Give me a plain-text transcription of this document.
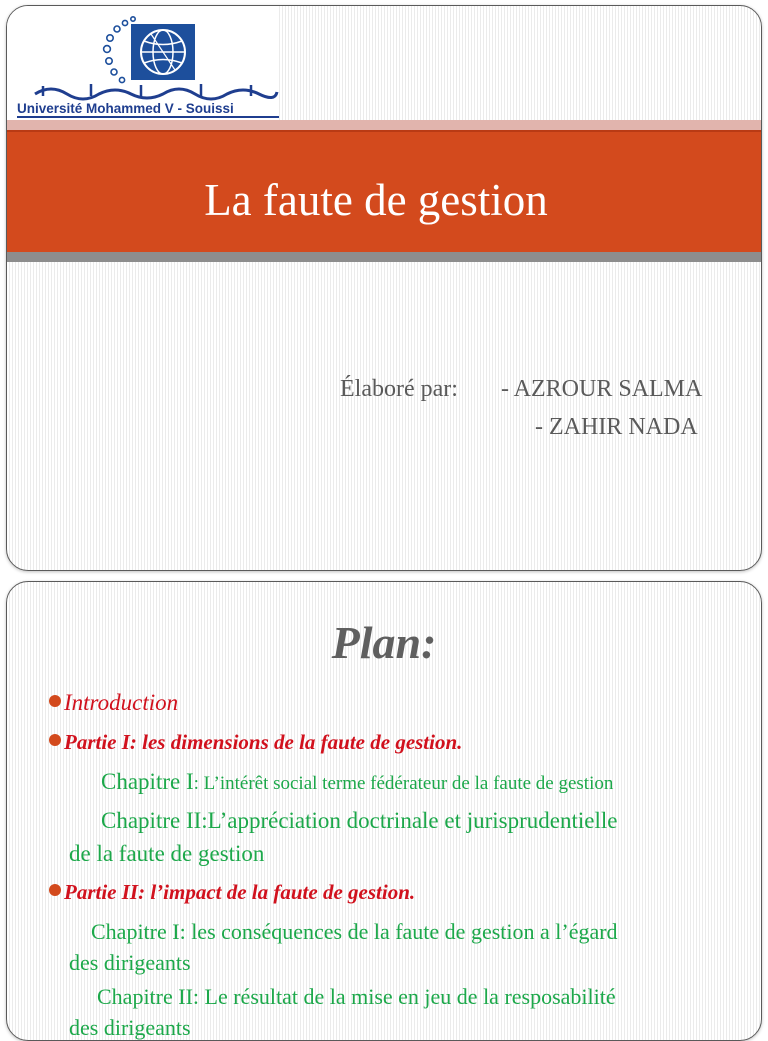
Université Mohammed V - Souissi
La faute de gestion
Élaboré par: - AZROUR SALMA
- ZAHIR NADA
Plan:
Introduction
Partie I: les dimensions de la faute de gestion.
Chapitre I: L’intérêt social terme fédérateur de la faute de gestion
Chapitre II:L’appréciation doctrinale et jurisprudentielle
de la faute de gestion
Partie II: l’impact de la faute de gestion.
Chapitre I: les conséquences de la faute de gestion a l’égard
des dirigeants
Chapitre II: Le résultat de la mise en jeu de la resposabilité
des dirigeants
